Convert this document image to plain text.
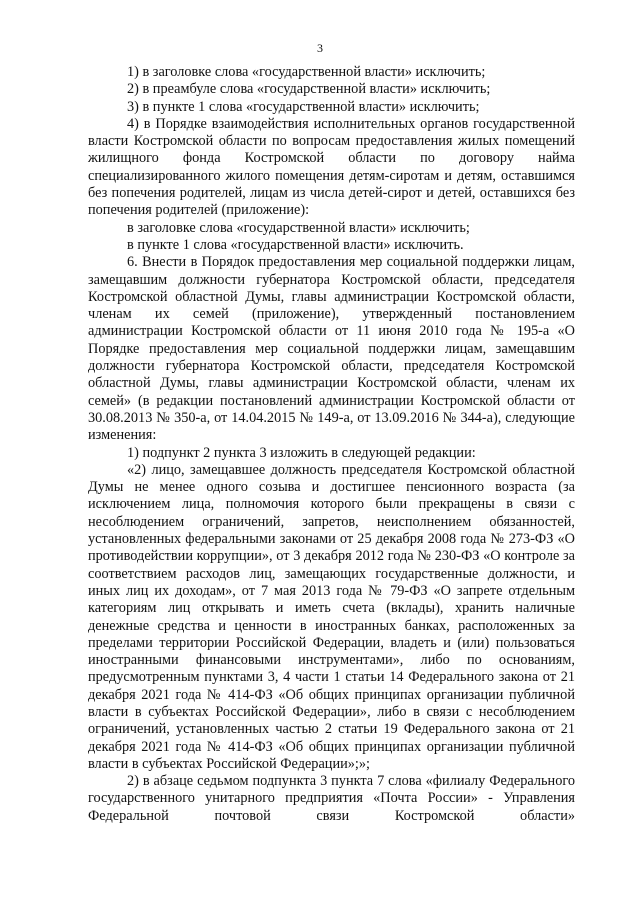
3

1) в заголовке слова «государственной власти» исключить;

2) в преамбуле слова «государственной власти» исключить;

3) в пункте 1 слова «государственной власти» исключить;

4) в Порядке взаимодействия исполнительных органов государственной власти Костромской области по вопросам предоставления жилых помещений жилищного фонда Костромской области по договору найма специализированного жилого помещения детям-сиротам и детям, оставшимся без попечения родителей, лицам из числа детей-сирот и детей, оставшихся без попечения родителей (приложение):

в заголовке слова «государственной власти» исключить;

в пункте 1 слова «государственной власти» исключить.

6. Внести в Порядок предоставления мер социальной поддержки лицам, замещавшим должности губернатора Костромской области, председателя Костромской областной Думы, главы администрации Костромской области, членам их семей (приложение), утвержденный постановлением администрации Костромской области от 11 июня 2010 года № 195-а «О Порядке предоставления мер социальной поддержки лицам, замещавшим должности губернатора Костромской области, председателя Костромской областной Думы, главы администрации Костромской области, членам их семей» (в редакции постановлений администрации Костромской области от 30.08.2013 № 350-а, от 14.04.2015 № 149-а, от 13.09.2016 № 344-а), следующие изменения:

1) подпункт 2 пункта 3 изложить в следующей редакции:

«2) лицо, замещавшее должность председателя Костромской областной Думы не менее одного созыва и достигшее пенсионного возраста (за исключением лица, полномочия которого были прекращены в связи с несоблюдением ограничений, запретов, неисполнением обязанностей, установленных федеральными законами от 25 декабря 2008 года № 273-ФЗ «О противодействии коррупции», от 3 декабря 2012 года № 230-ФЗ «О контроле за соответствием расходов лиц, замещающих государственные должности, и иных лиц их доходам», от 7 мая 2013 года № 79-ФЗ «О запрете отдельным категориям лиц открывать и иметь счета (вклады), хранить наличные денежные средства и ценности в иностранных банках, расположенных за пределами территории Российской Федерации, владеть и (или) пользоваться иностранными финансовыми инструментами», либо по основаниям, предусмотренным пунктами 3, 4 части 1 статьи 14 Федерального закона от 21 декабря 2021 года № 414-ФЗ «Об общих принципах организации публичной власти в субъектах Российской Федерации», либо в связи с несоблюдением ограничений, установленных частью 2 статьи 19 Федерального закона от 21 декабря 2021 года № 414-ФЗ «Об общих принципах организации публичной власти в субъектах Российской Федерации»;»;

2) в абзаце седьмом подпункта 3 пункта 7 слова «филиалу Федерального государственного унитарного предприятия «Почта России» - Управления Федеральной почтовой связи Костромской области»
